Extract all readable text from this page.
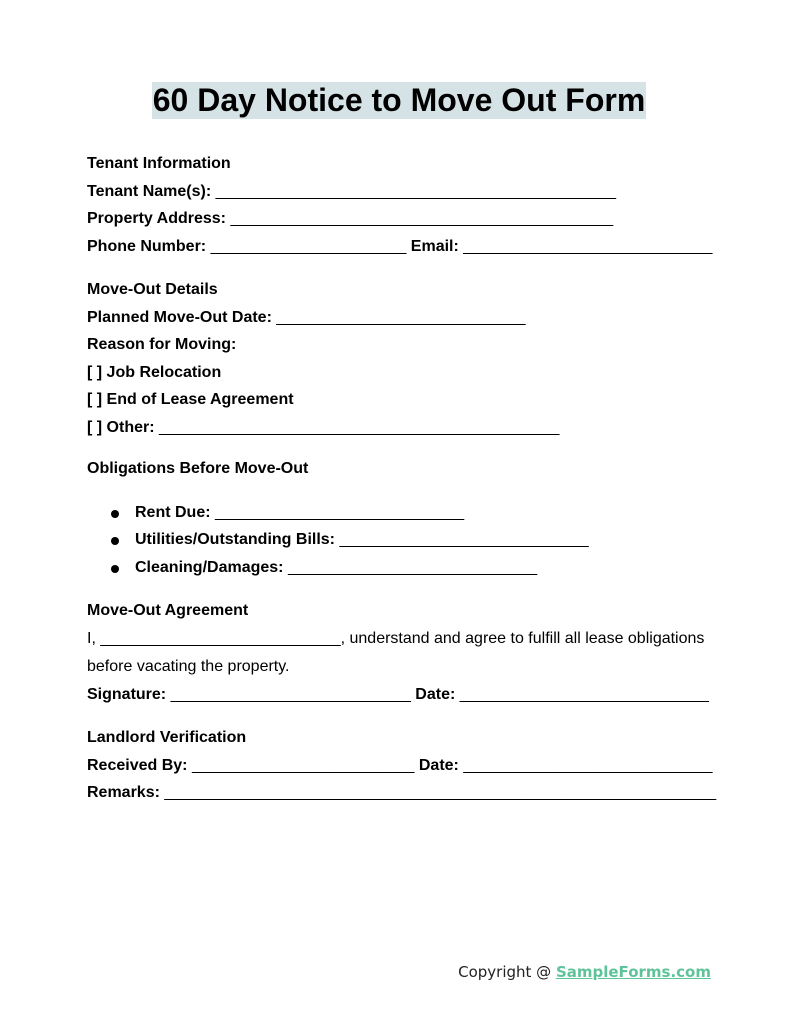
60 Day Notice to Move Out Form
Tenant Information
Tenant Name(s): _____________________________________________
Property Address: ___________________________________________
Phone Number: ______________________ Email: ____________________________
Move-Out Details
Planned Move-Out Date: ____________________________
Reason for Moving:
[ ] Job Relocation
[ ] End of Lease Agreement
[ ] Other: _____________________________________________
Obligations Before Move-Out
Rent Due: ____________________________
Utilities/Outstanding Bills: ____________________________
Cleaning/Damages: ____________________________
Move-Out Agreement
I, ___________________________, understand and agree to fulfill all lease obligations before vacating the property.
Signature: ___________________________ Date: ____________________________
Landlord Verification
Received By: _________________________ Date: ____________________________
Remarks: ______________________________________________________________
Copyright @ SampleForms.com
